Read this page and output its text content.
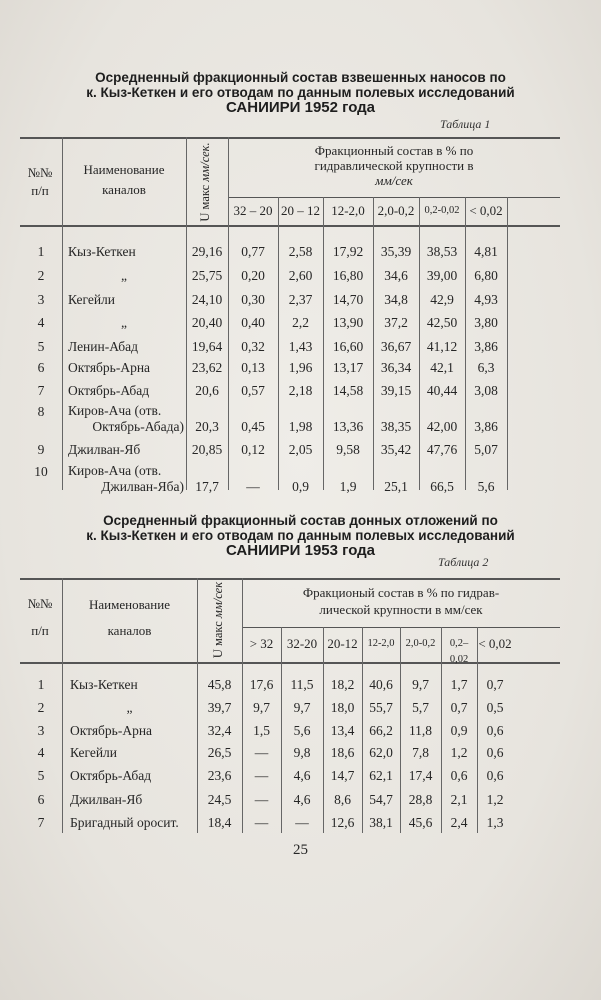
Осредненный фракционный состав взвешенных наносов по
к. Кыз-Кеткен и его отводам по данным полевых исследований
САНИИРИ 1952 года
Таблица 1
№№
п/п
Наименование
каналов	U макс мм/сек.	Фракционный состав в % по
гидравлической крупности в
мм/сек
32 – 20 20 – 12 12-2,0 2,0-0,2 0,2-0,02 < 0,02
1	Кыз-Кеткен	29,16	0,77	2,58	17,92	35,39	38,53	4,81
2	„	25,75	0,20	2,60	16,80	34,6	39,00	6,80
3	Кегейли	24,10	0,30	2,37	14,70	34,8	42,9	4,93
4	„	20,40	0,40	2,2	13,90	37,2	42,50	3,80
5	Ленин-Абад	19,64	0,32	1,43	16,60	36,67	41,12	3,86
6	Октябрь-Арна	23,62	0,13	1,96	13,17	36,34	42,1	6,3
7	Октябрь-Абад	20,6	0,57	2,18	14,58	39,15	40,44	3,08
8	Киров-Ача (отв.
Октябрь-Абада) 20,3	0,45	1,98	13,36	38,35	42,00	3,86
9	Джилван-Яб	20,85	0,12	2,05	9,58	35,42	47,76	5,07
10	Киров-Ача (отв.
Джилван-Яба) 17,7	—	0,9	1,9	25,1	66,5	5,6
Осредненный фракционный состав донных отложений по
к. Кыз-Кеткен и его отводам по данным полевых исследований
САНИИРИ 1953 года
Таблица 2
№№
п/п
Наименование
каналов	U макс мм/сек	Фракционый состав в % по гидрав-
лической крупности в мм/сек
> 32	32-20 20-12 12-2,0	2,0-0,2	0,2–0,02
< 0,02
1	Кыз-Кеткен	45,8	17,6	11,5	18,2	40,6	9,7	1,7	0,7
2	„	39,7	9,7	9,7	18,0	55,7	5,7	0,7	0,5
3	Октябрь-Арна	32,4	1,5	5,6	13,4	66,2	11,8	0,9	0,6
4	Кегейли	26,5	—	9,8	18,6	62,0	7,8	1,2	0,6
5	Октябрь-Абад	23,6	—	4,6	14,7	62,1	17,4	0,6	0,6
6	Джилван-Яб	24,5	—	4,6	8,6	54,7	28,8	2,1	1,2
7	Бригадный ороcит.	18,4	—	—	12,6	38,1	45,6	2,4	1,3
25
